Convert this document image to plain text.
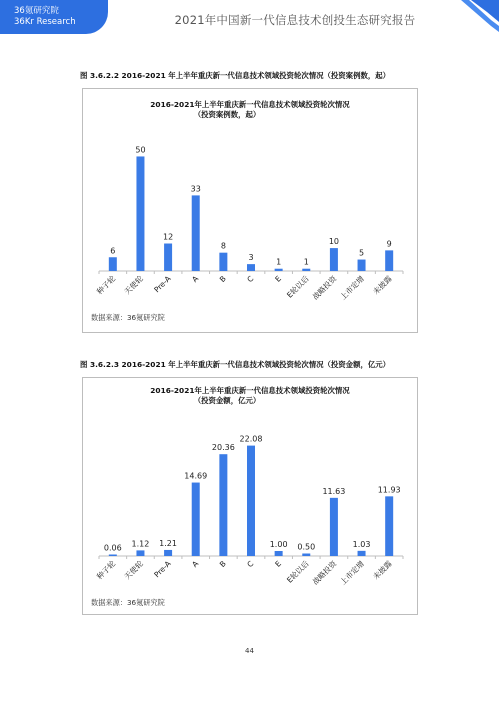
36氪研究院
36Kr Research	2021年中国新一代信息技术创投生态研究报告
图 3.6.2.2 2016-2021 年上半年重庆新一代信息技术领域投资轮次情况（投资案例数，起）
2016-2021年上半年重庆新一代信息技术领域投资轮次情况
（投资案例数，起）
6
种子轮
50
天使轮
12
Pre-A
33
A
8
B
3
C
1
E
1
E轮以后
10
战略投资
5
上市定增
9
未披露
数据来源：36氪研究院
图 3.6.2.3 2016-2021 年上半年重庆新一代信息技术领域投资轮次情况（投资金额，亿元）
2016-2021年上半年重庆新一代信息技术领域投资轮次情况
（投资金额，亿元）
0.06
种子轮
1.12
天使轮
1.21
Pre-A
14.69
A
20.36
B
22.08
C
1.00
E
0.50
E轮以后
11.63
战略投资
1.03
上市定增
11.93
未披露
数据来源：36氪研究院
44
